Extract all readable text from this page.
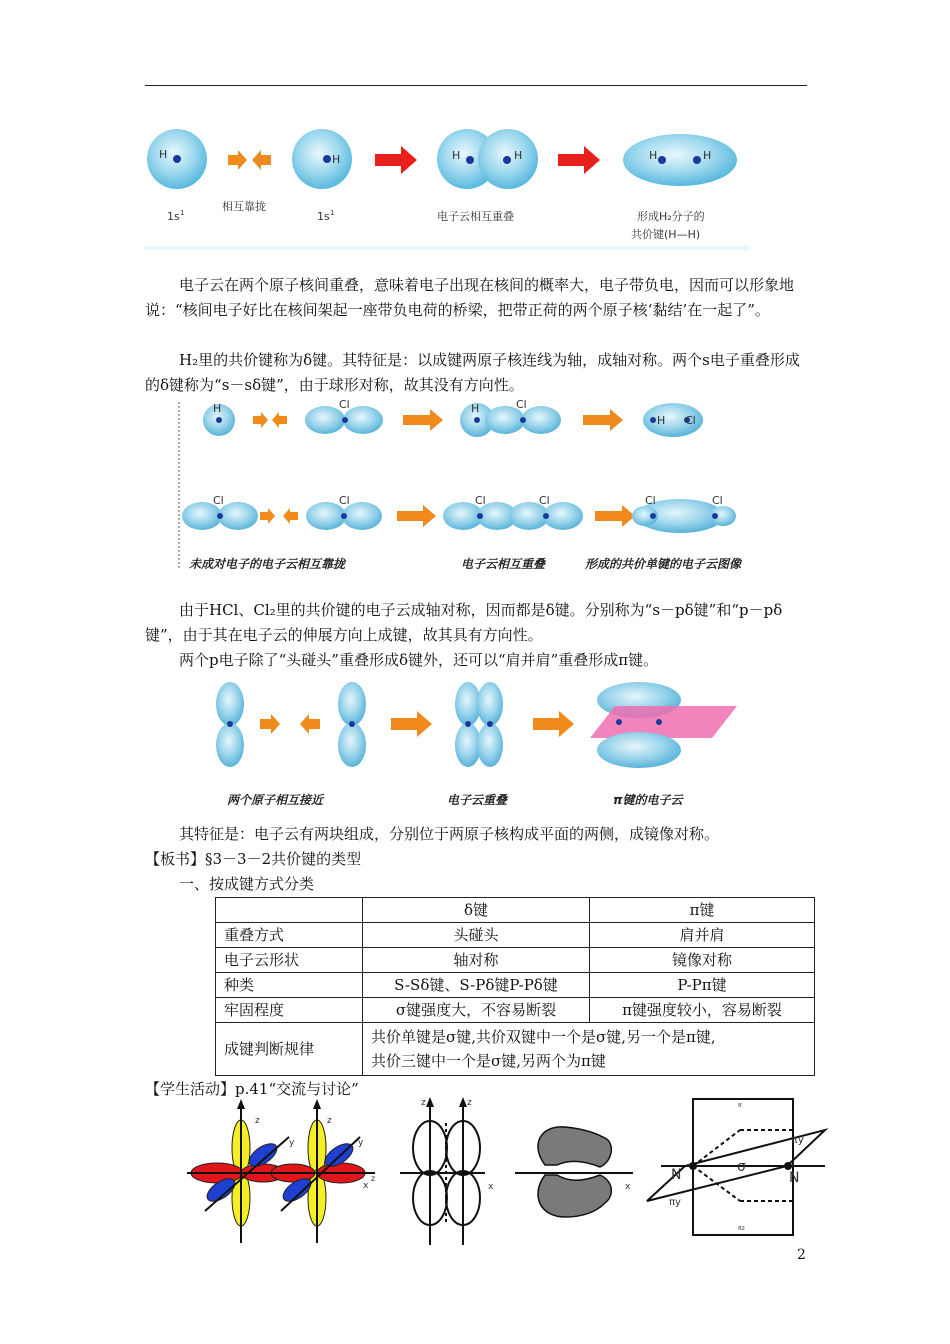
H
1s 1	相互靠拢
H
1s 1
H	H
电子云相互重叠
H	H
形成H₂分子的
共价键(H—H)

电子云在两个原子核间重叠，意味着电子出现在核间的概率大，电子带负电，因而可以形象地说：“核间电子好比在核间架起一座带负电荷的桥梁，把带正荷的两个原子核‘黏结’在一起了”。

H₂里的共价键称为δ键。其特征是：以成键两原子核连线为轴，成轴对称。两个s电子重叠形成的δ键称为“s－sδ键”，由于球形对称，故其没有方向性。

H	Cl	H	Cl
H Cl
Cl	Cl	Cl	Cl	Cl	Cl
未成对电子的电子云相互靠拢	电子云相互重叠	形成的共价单键的电子云图像

由于HCl、Cl₂里的共价键的电子云成轴对称，因而都是δ键。分别称为“s－pδ键”和“p－pδ键”，由于其在电子云的伸展方向上成键，故其具有方向性。

两个p电子除了“头碰头”重叠形成δ键外，还可以“肩并肩”重叠形成π键。

两个原子相互接近	电子云重叠	π键的电子云

其特征是：电子云有两块组成，分别位于两原子核构成平面的两侧，成镜像对称。

【板书】§3－3－2共价键的类型

一、按成键方式分类

	δ键	π键
重叠方式	头碰头	肩并肩
电子云形状	轴对称	镜像对称
种类	S-Sδ键、S-Pδ键P-Pδ键	P-Pπ键
牢固程度	σ键强度大，不容易断裂	π键强度较小，容易断裂
成键判断规律	共价单键是σ键,共价双键中一个是σ键,另一个是π键,
共价三键中一个是σ键,另两个为π键	

【学生活动】p.41“交流与讨论”

z	z
y	y
x
z
z	z
x	x
N	N
σ
πy
πy
π
πz
2
